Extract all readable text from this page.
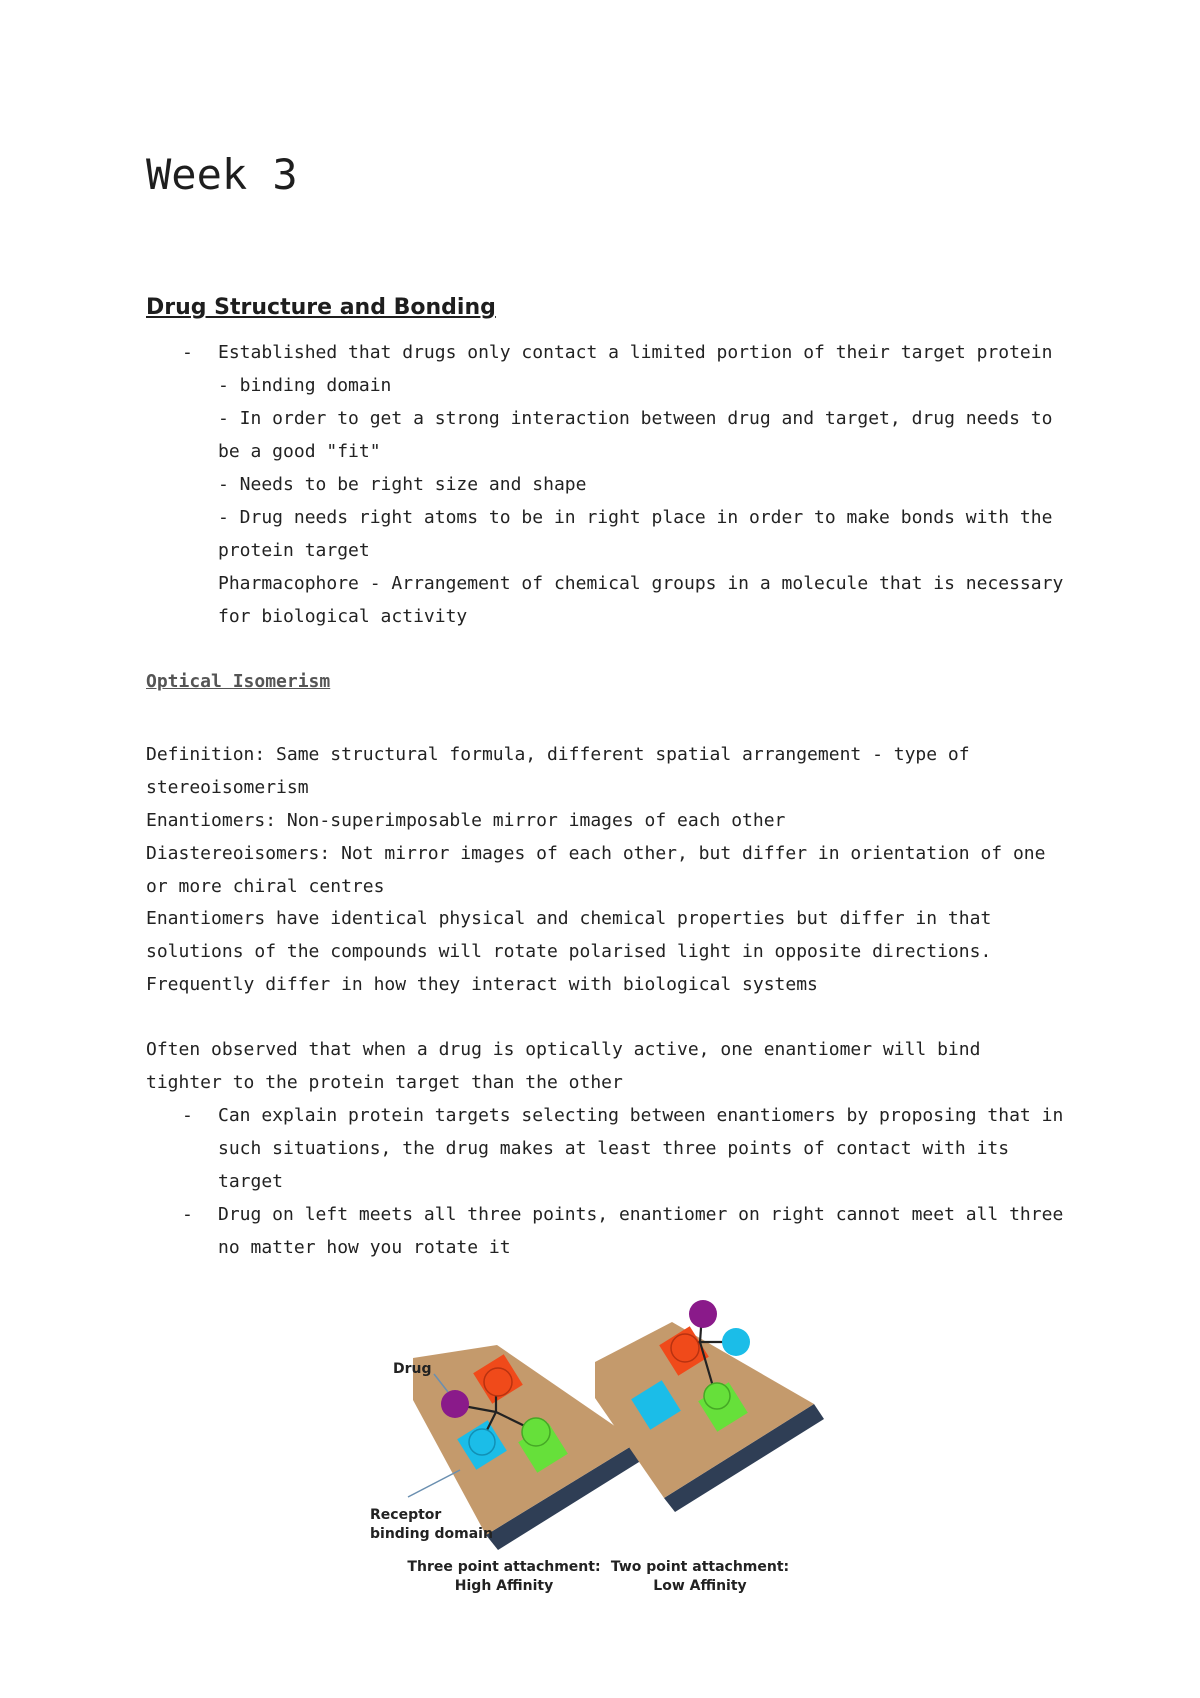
Week 3
Drug Structure and Bonding
- Established that drugs only contact a limited portion of their target protein - binding domain
- In order to get a strong interaction between drug and target, drug needs to be a good "fit"
- Needs to be right size and shape
- Drug needs right atoms to be in right place in order to make bonds with the protein target
Pharmacophore - Arrangement of chemical groups in a molecule that is necessary for biological activity
Optical Isomerism
Definition: Same structural formula, different spatial arrangement - type of stereoisomerism
Enantiomers: Non-superimposable mirror images of each other
Diastereoisomers: Not mirror images of each other, but differ in orientation of one or more chiral centres
Enantiomers have identical physical and chemical properties but differ in that solutions of the compounds will rotate polarised light in opposite directions.
Frequently differ in how they interact with biological systems
Often observed that when a drug is optically active, one enantiomer will bind tighter to the protein target than the other
- Can explain protein targets selecting between enantiomers by proposing that in such situations, the drug makes at least three points of contact with its target
- Drug on left meets all three points, enantiomer on right cannot meet all three no matter how you rotate it
Drug
Receptor
binding domain
Three point attachment:
High Affinity
Two point attachment:
Low Affinity
